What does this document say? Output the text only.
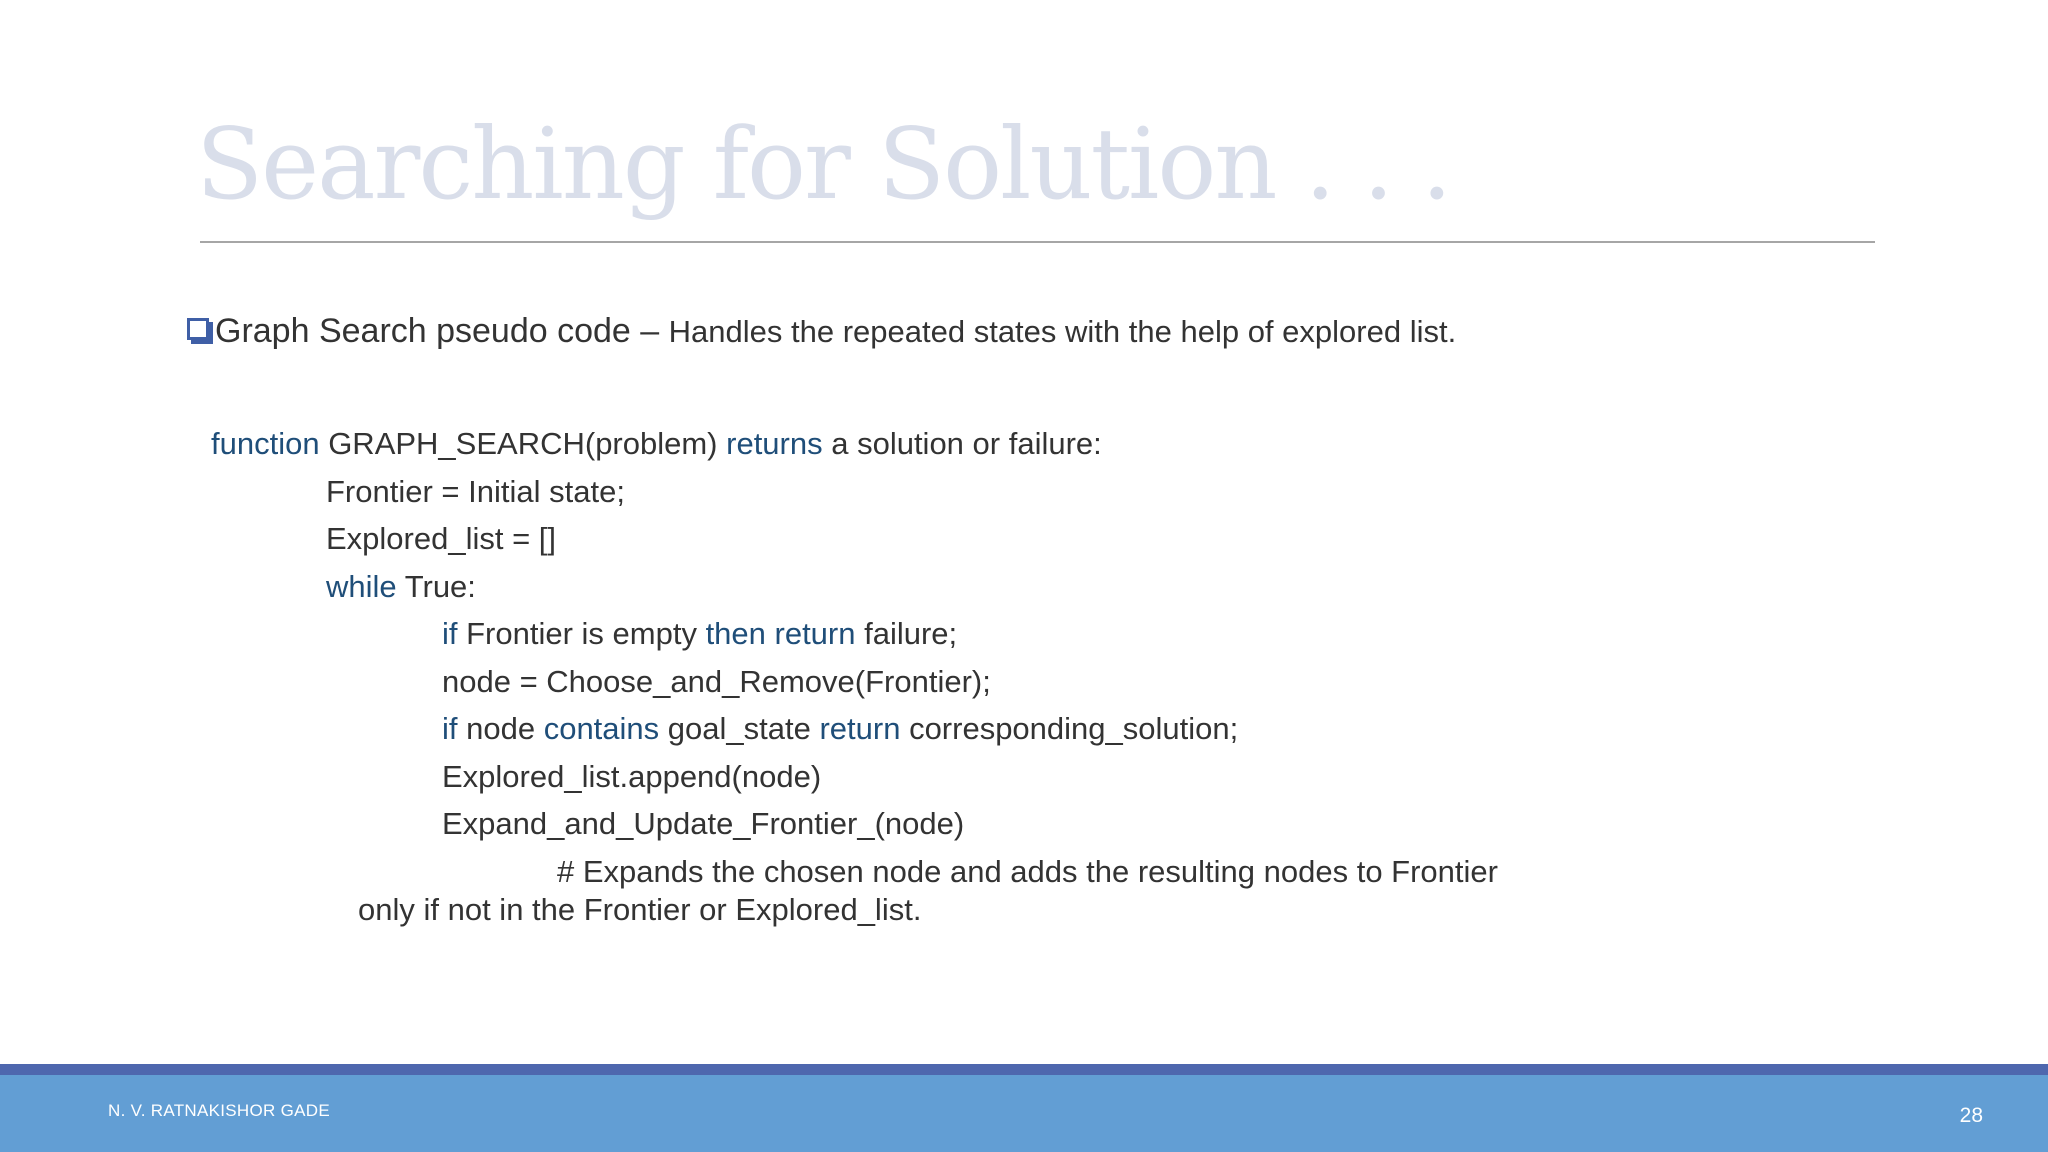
Searching for Solution . . .
Graph Search pseudo code – Handles the repeated states with the help of explored list.
function GRAPH_SEARCH(problem) returns a solution or failure:
Frontier = Initial state;
Explored_list = []
while True:
if Frontier is empty then return failure;
node = Choose_and_Remove(Frontier);
if node contains goal_state return corresponding_solution;
Explored_list.append(node)
Expand_and_Update_Frontier_(node)
# Expands the chosen node and adds the resulting nodes to Frontier
only if not in the Frontier or Explored_list.
N. V. RATNAKISHOR GADE	28
